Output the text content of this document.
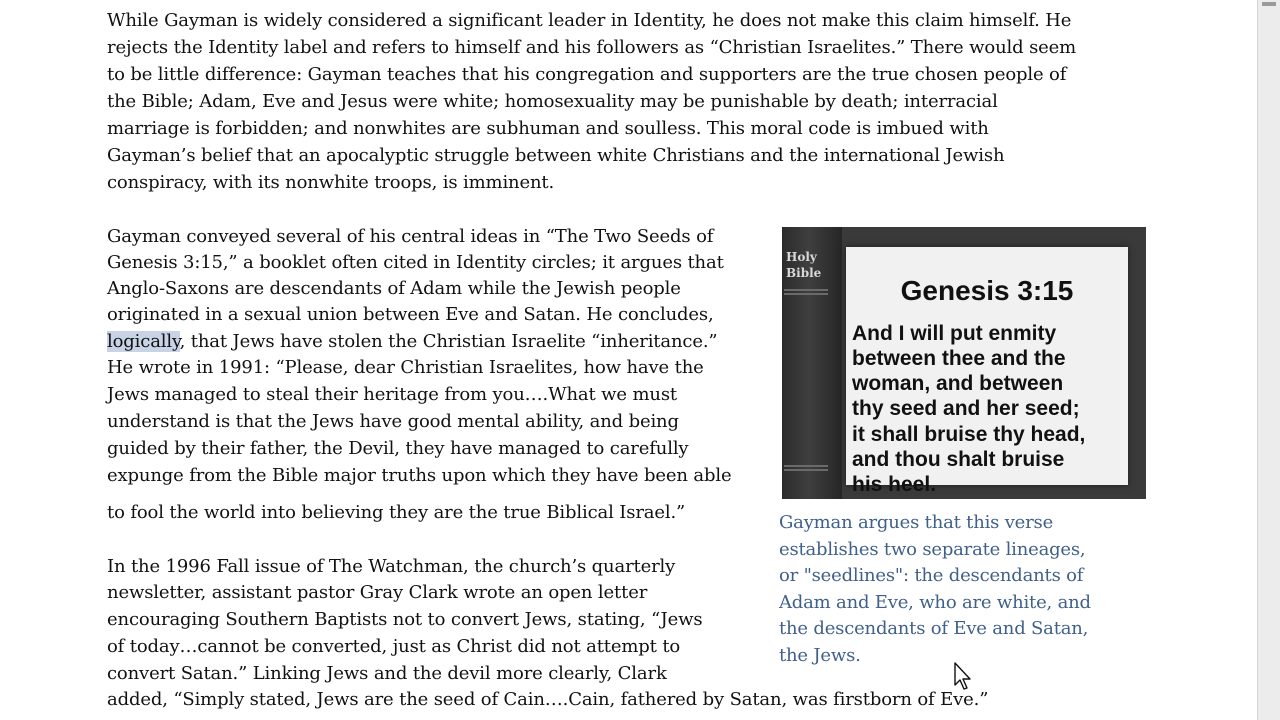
While Gayman is widely considered a significant leader in Identity, he does not make this claim himself. He
rejects the Identity label and refers to himself and his followers as “Christian Israelites.” There would seem
to be little difference: Gayman teaches that his congregation and supporters are the true chosen people of
the Bible; Adam, Eve and Jesus were white; homosexuality may be punishable by death; interracial
marriage is forbidden; and nonwhites are subhuman and soulless. This moral code is imbued with
Gayman’s belief that an apocalyptic struggle between white Christians and the international Jewish
conspiracy, with its nonwhite troops, is imminent.
Gayman conveyed several of his central ideas in “The Two Seeds of
Genesis 3:15,” a booklet often cited in Identity circles; it argues that
Anglo-Saxons are descendants of Adam while the Jewish people
originated in a sexual union between Eve and Satan. He concludes,
logically, that Jews have stolen the Christian Israelite “inheritance.”
He wrote in 1991: “Please, dear Christian Israelites, how have the
Jews managed to steal their heritage from you….What we must
understand is that the Jews have good mental ability, and being
guided by their father, the Devil, they have managed to carefully
expunge from the Bible major truths upon which they have been able
to fool the world into believing they are the true Biblical Israel.”
In the 1996 Fall issue of The Watchman, the church’s quarterly
newsletter, assistant pastor Gray Clark wrote an open letter
encouraging Southern Baptists not to convert Jews, stating, “Jews
of today…cannot be converted, just as Christ did not attempt to
convert Satan.” Linking Jews and the devil more clearly, Clark
added, “Simply stated, Jews are the seed of Cain….Cain, fathered by Satan, was firstborn of Eve.”
Holy
Bible
Genesis 3:15
And I will put enmity
between thee and the
woman, and between
thy seed and her seed;
it shall bruise thy head,
and thou shalt bruise
his heel.
Gayman argues that this verse
establishes two separate lineages,
or "seedlines": the descendants of
Adam and Eve, who are white, and
the descendants of Eve and Satan,
the Jews.
